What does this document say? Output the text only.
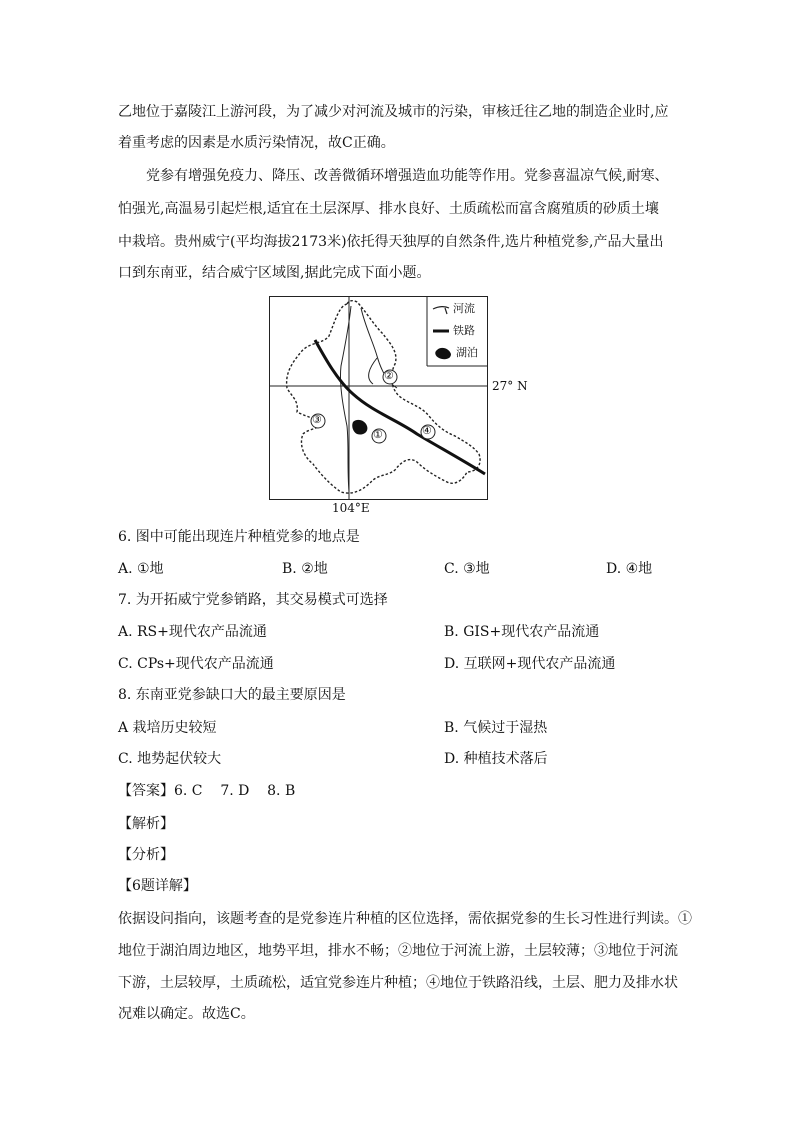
乙地位于嘉陵江上游河段，为了减少对河流及城市的污染，审核迁往乙地的制造企业时,应
着重考虑的因素是水质污染情况，故C正确。
党参有增强免疫力、降压、改善微循环增强造血功能等作用。党参喜温凉气候,耐寒、
怕强光,高温易引起烂根,适宜在土层深厚、排水良好、土质疏松而富含腐殖质的砂质土壤
中栽培。贵州威宁(平均海拔2173米)依托得天独厚的自然条件,选片种植党参,产品大量出
口到东南亚，结合威宁区域图,据此完成下面小题。
河流
铁路
湖泊
27° N
104°E
②
③
①	④
6. 图中可能出现连片种植党参的地点是
A. ①地	B. ②地	C. ③地	D. ④地
7. 为开拓威宁党参销路，其交易模式可选择
A. RS+现代农产品流通	B. GIS+现代农产品流通
C. CPs+现代农产品流通	D. 互联网+现代农产品流通
8. 东南亚党参缺口大的最主要原因是
A 栽培历史较短	B. 气候过于湿热
C. 地势起伏较大	D. 种植技术落后
【答案】6. C    7. D    8. B
【解析】
【分析】
【6题详解】
依据设问指向，该题考查的是党参连片种植的区位选择，需依据党参的生长习性进行判读。①
地位于湖泊周边地区，地势平坦，排水不畅；②地位于河流上游，土层较薄；③地位于河流
下游，土层较厚，土质疏松，适宜党参连片种植；④地位于铁路沿线，土层、肥力及排水状
况难以确定。故选C。
